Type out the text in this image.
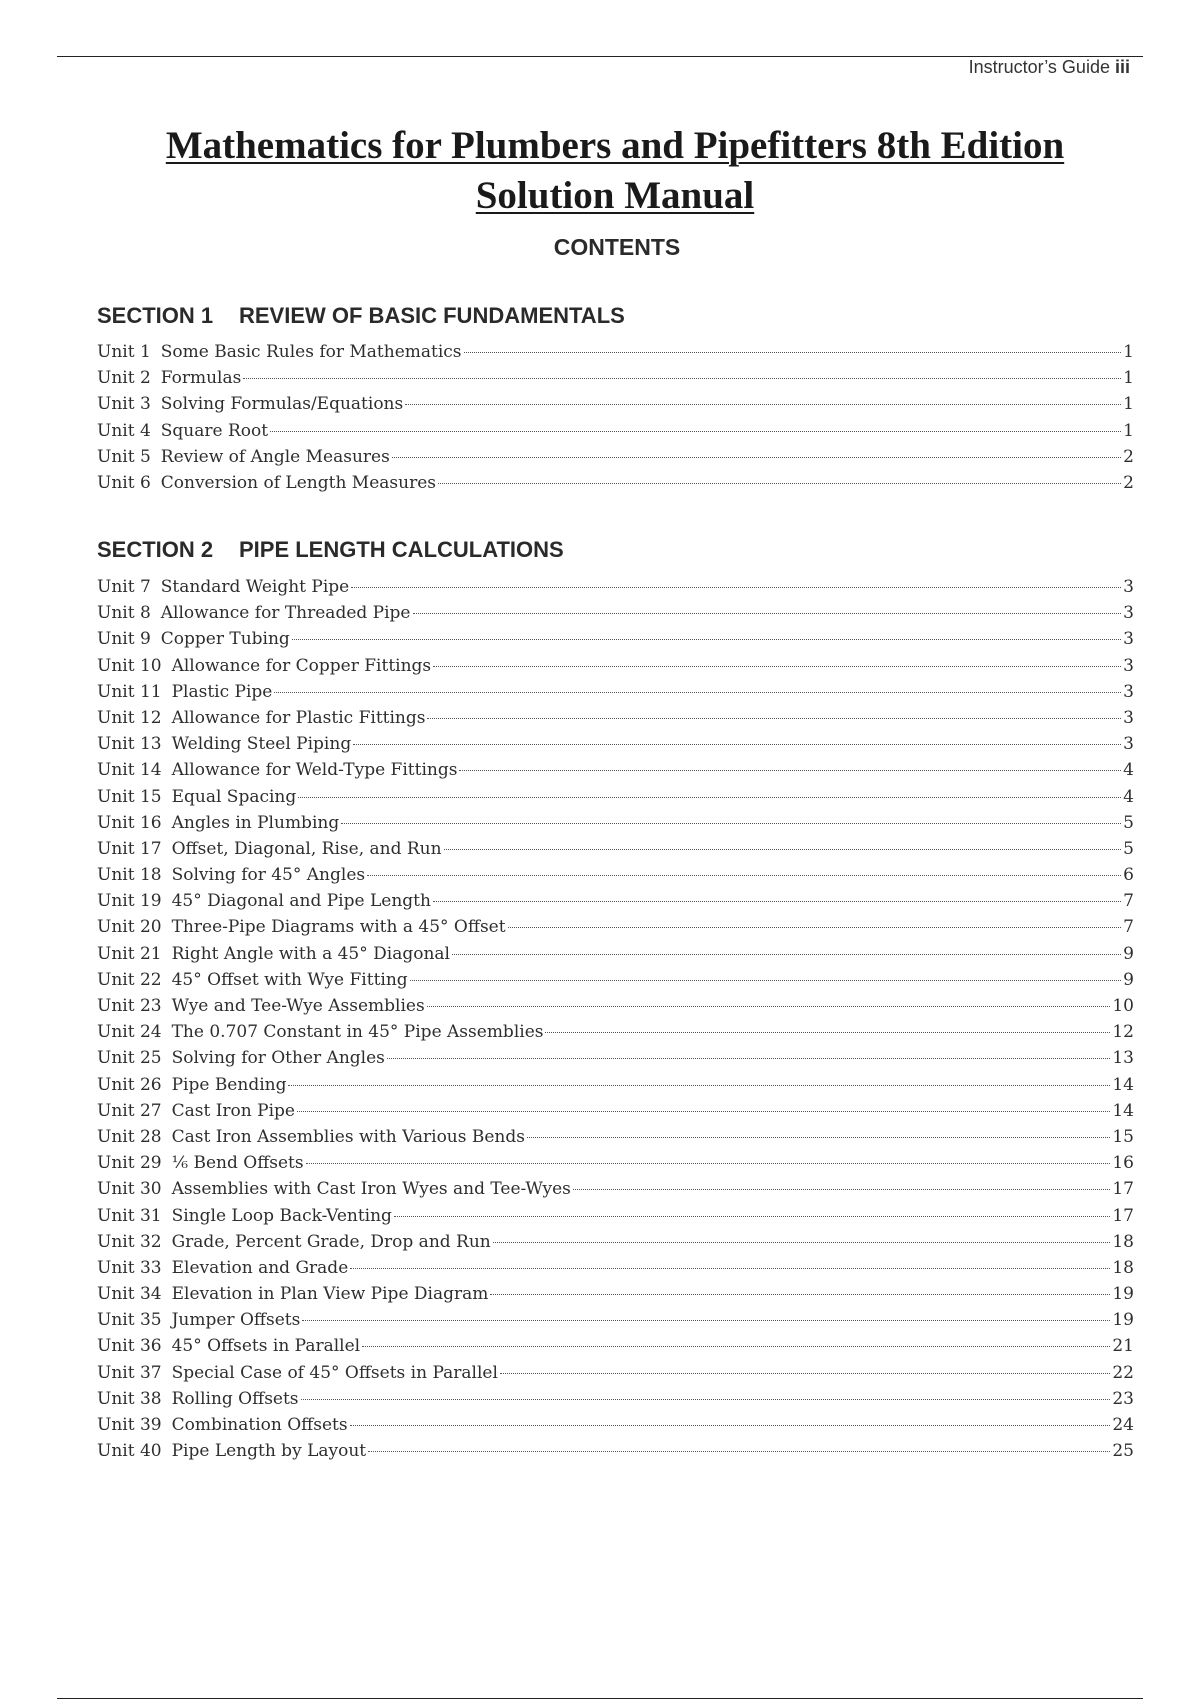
Instructor’s Guide iii
Mathematics for Plumbers and Pipefitters 8th Edition
Solution Manual
CONTENTS
SECTION 1 REVIEW OF BASIC FUNDAMENTALS
Unit 1 Some Basic Rules for Mathematics	1
Unit 2 Formulas	1
Unit 3 Solving Formulas/Equations	1
Unit 4 Square Root	1
Unit 5 Review of Angle Measures	2
Unit 6 Conversion of Length Measures	2
SECTION 2 PIPE LENGTH CALCULATIONS
Unit 7 Standard Weight Pipe	3
Unit 8 Allowance for Threaded Pipe	3
Unit 9 Copper Tubing	3
Unit 10 Allowance for Copper Fittings	3
Unit 11 Plastic Pipe	3
Unit 12 Allowance for Plastic Fittings	3
Unit 13 Welding Steel Piping	3
Unit 14 Allowance for Weld-Type Fittings	4
Unit 15 Equal Spacing	4
Unit 16 Angles in Plumbing	5
Unit 17 Offset, Diagonal, Rise, and Run	5
Unit 18 Solving for 45° Angles	6
Unit 19 45° Diagonal and Pipe Length	7
Unit 20 Three-Pipe Diagrams with a 45° Offset	7
Unit 21 Right Angle with a 45° Diagonal	9
Unit 22 45° Offset with Wye Fitting	9
Unit 23 Wye and Tee-Wye Assemblies	10
Unit 24 The 0.707 Constant in 45° Pipe Assemblies	12
Unit 25 Solving for Other Angles	13
Unit 26 Pipe Bending	14
Unit 27 Cast Iron Pipe	14
Unit 28 Cast Iron Assemblies with Various Bends	15
Unit 29 ⅙ Bend Offsets	16
Unit 30 Assemblies with Cast Iron Wyes and Tee-Wyes	17
Unit 31 Single Loop Back-Venting	17
Unit 32 Grade, Percent Grade, Drop and Run	18
Unit 33 Elevation and Grade	18
Unit 34 Elevation in Plan View Pipe Diagram	19
Unit 35 Jumper Offsets	19
Unit 36 45° Offsets in Parallel	21
Unit 37 Special Case of 45° Offsets in Parallel	22
Unit 38 Rolling Offsets	23
Unit 39 Combination Offsets	24
Unit 40 Pipe Length by Layout	25
